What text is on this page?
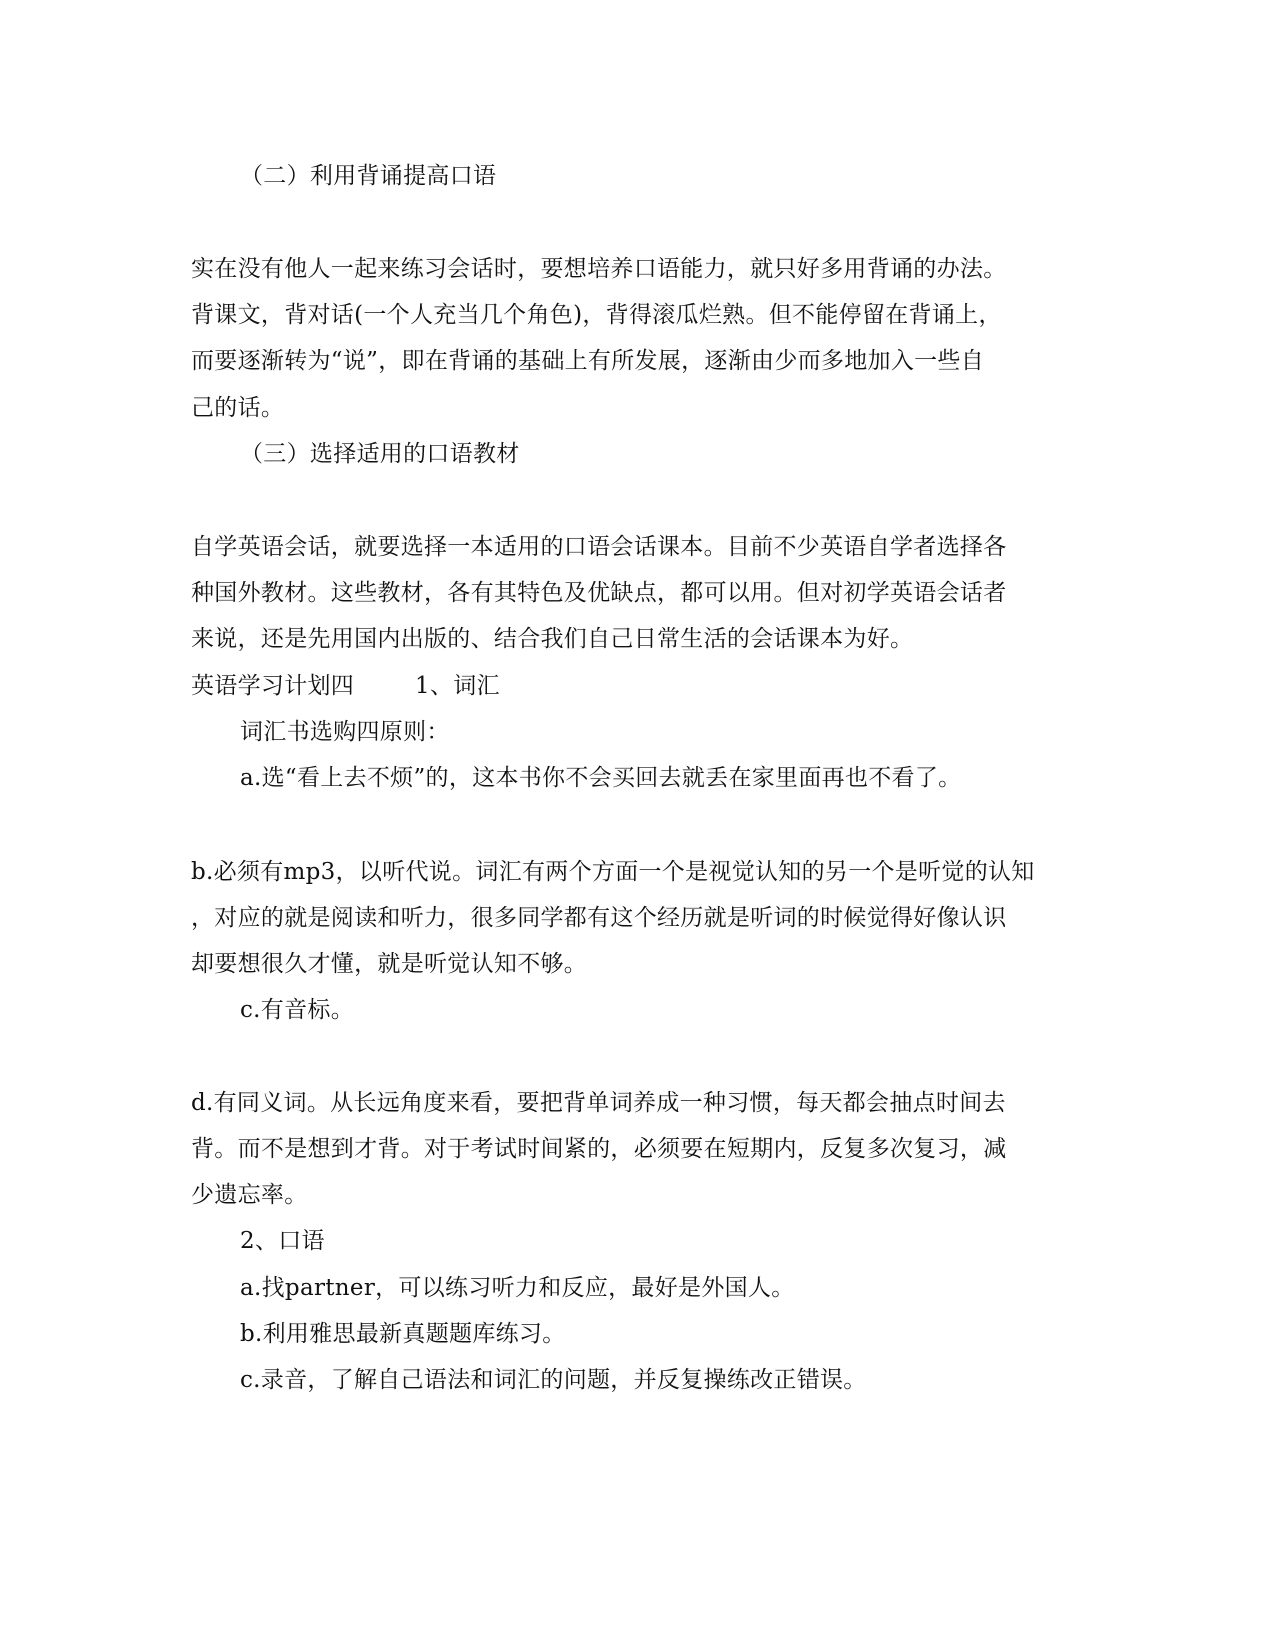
（二）利用背诵提高口语
实在没有他人一起来练习会话时，要想培养口语能力，就只好多用背诵的办法。
背课文，背对话(一个人充当几个角色)，背得滚瓜烂熟。但不能停留在背诵上，
而要逐渐转为“说”，即在背诵的基础上有所发展，逐渐由少而多地加入一些自
己的话。
（三）选择适用的口语教材
自学英语会话，就要选择一本适用的口语会话课本。目前不少英语自学者选择各
种国外教材。这些教材，各有其特色及优缺点，都可以用。但对初学英语会话者
来说，还是先用国内出版的、结合我们自己日常生活的会话课本为好。
英语学习计划四	1、词汇
词汇书选购四原则：
a.选“看上去不烦”的，这本书你不会买回去就丢在家里面再也不看了。
b.必须有mp3，以听代说。词汇有两个方面一个是视觉认知的另一个是听觉的认知
，对应的就是阅读和听力，很多同学都有这个经历就是听词的时候觉得好像认识
却要想很久才懂，就是听觉认知不够。
c.有音标。
d.有同义词。从长远角度来看，要把背单词养成一种习惯，每天都会抽点时间去
背。而不是想到才背。对于考试时间紧的，必须要在短期内，反复多次复习，减
少遗忘率。
2、口语
a.找partner，可以练习听力和反应，最好是外国人。
b.利用雅思最新真题题库练习。
c.录音，了解自己语法和词汇的问题，并反复操练改正错误。
